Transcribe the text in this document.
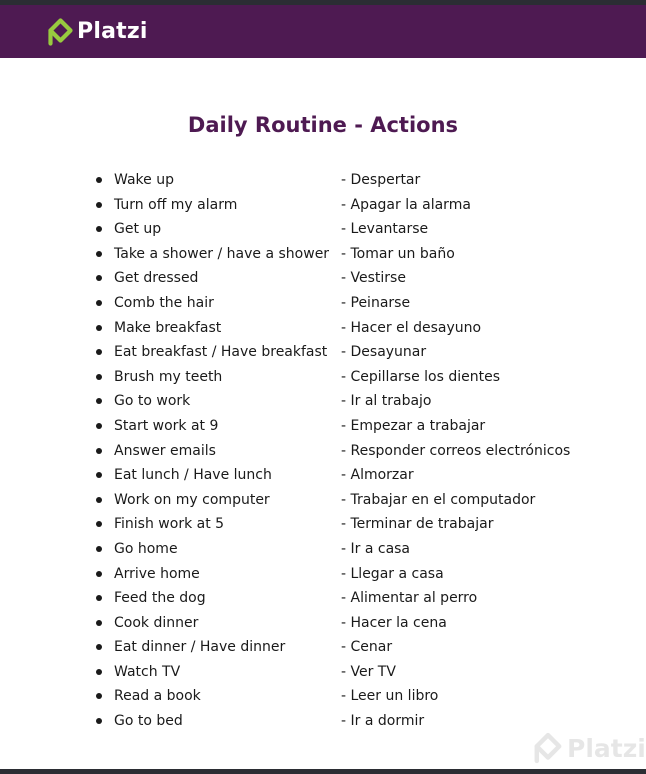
Platzi
Daily Routine - Actions
Wake up	- Despertar
Turn off my alarm	- Apagar la alarma
Get up	- Levantarse
Take a shower / have a shower - Tomar un baño
Get dressed	- Vestirse
Comb the hair	- Peinarse
Make breakfast	- Hacer el desayuno
Eat breakfast / Have breakfast - Desayunar
Brush my teeth	- Cepillarse los dientes
Go to work	- Ir al trabajo
Start work at 9	- Empezar a trabajar
Answer emails	- Responder correos electrónicos
Eat lunch / Have lunch	- Almorzar
Work on my computer	- Trabajar en el computador
Finish work at 5	- Terminar de trabajar
Go home	- Ir a casa
Arrive home	- Llegar a casa
Feed the dog	- Alimentar al perro
Cook dinner	- Hacer la cena
Eat dinner / Have dinner	- Cenar
Watch TV	- Ver TV
Read a book	- Leer un libro
Go to bed	- Ir a dormir
Platzi
